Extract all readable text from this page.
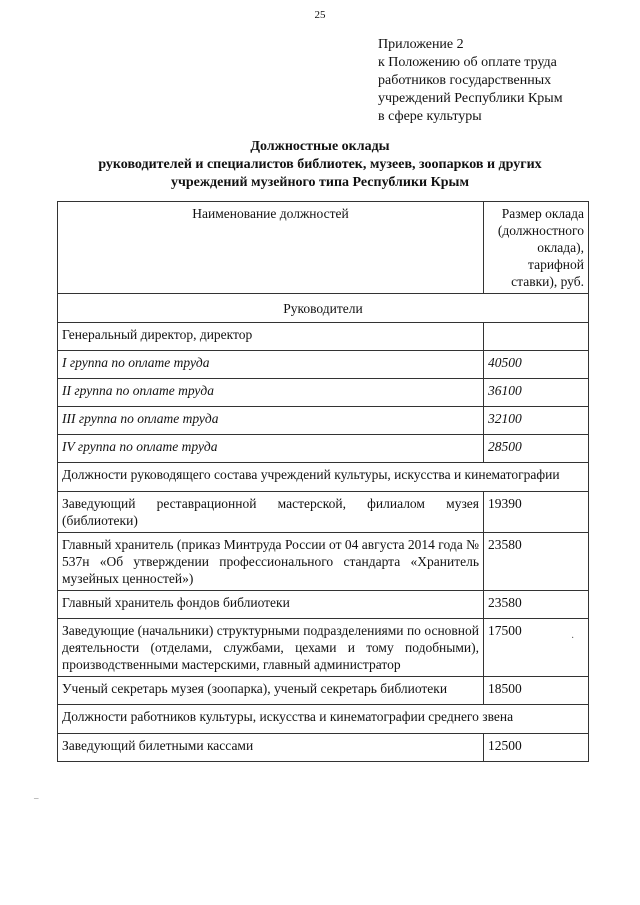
25
Приложение 2
к Положению об оплате труда
работников государственных
учреждений Республики Крым
в сфере культуры
Должностные оклады
руководителей и специалистов библиотек, музеев, зоопарков и других
учреждений музейного типа Республики Крым
Наименование должностей	Размер оклада
(должностного
оклада),
тарифной
ставки), руб.

Руководители	
Генеральный директор, директор	
I группа по оплате труда	40500
II группа по оплате труда	36100
III группа по оплате труда	32100
IV группа по оплате труда	28500
Должности руководящего состава учреждений культуры, искусства и кинематографии	
Заведующий реставрационной мастерской, филиалом музея (библиотеки)	19390
Главный хранитель (приказ Минтруда России от 04 августа 2014 года № 537н «Об утверждении профессионального стандарта «Хранитель музейных ценностей»)	23580
Главный хранитель фондов библиотеки	23580
Заведующие (начальники) структурными подразделениями по основной деятельности (отделами, службами, цехами и тому подобными), производственными мастерскими, главный администратор	17500
Ученый секретарь музея (зоопарка), ученый секретарь библиотеки	18500
Должности работников культуры, искусства и кинематографии среднего звена	
Заведующий билетными кассами	12500
·
–
